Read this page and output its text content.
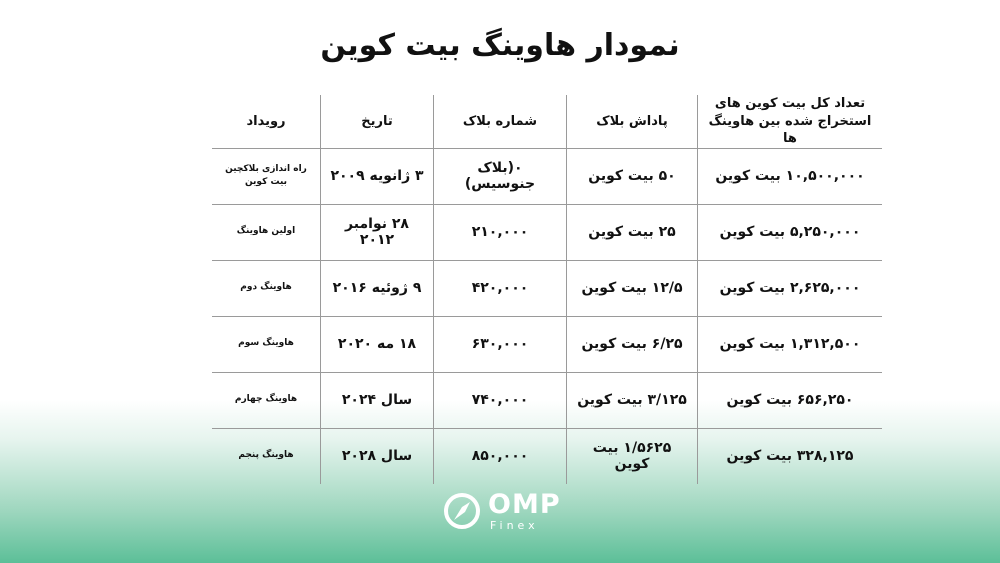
نمودار هاوینگ بیت کوین
تعداد کل بیت کوین های استخراج شده بین هاوینگ ها	پاداش بلاک	شماره بلاک	تاریخ	رویداد
۱۰,۵۰۰,۰۰۰ بیت کوین	۵۰ بیت کوین	۰(بلاک جنوسیس)	۳ ژانویه ۲۰۰۹	راه اندازی بلاکچین بیت کوین
۵,۲۵۰,۰۰۰ بیت کوین	۲۵ بیت کوین	۲۱۰,۰۰۰	۲۸ نوامبر ۲۰۱۲	اولین هاوینگ
۲,۶۲۵,۰۰۰ بیت کوین	۱۲/۵ بیت کوین	۴۲۰,۰۰۰	۹ ژوئیه ۲۰۱۶	هاوینگ دوم
۱,۳۱۲,۵۰۰ بیت کوین	۶/۲۵ بیت کوین	۶۳۰,۰۰۰	۱۸ مه ۲۰۲۰	هاوینگ سوم
۶۵۶,۲۵۰ بیت کوین	۳/۱۲۵ بیت کوین	۷۴۰,۰۰۰	سال ۲۰۲۴	هاوینگ چهارم
۳۲۸,۱۲۵ بیت کوین	۱/۵۶۲۵ بیت کوین	۸۵۰,۰۰۰	سال ۲۰۲۸	هاوینگ پنجم
OMP
Finex
